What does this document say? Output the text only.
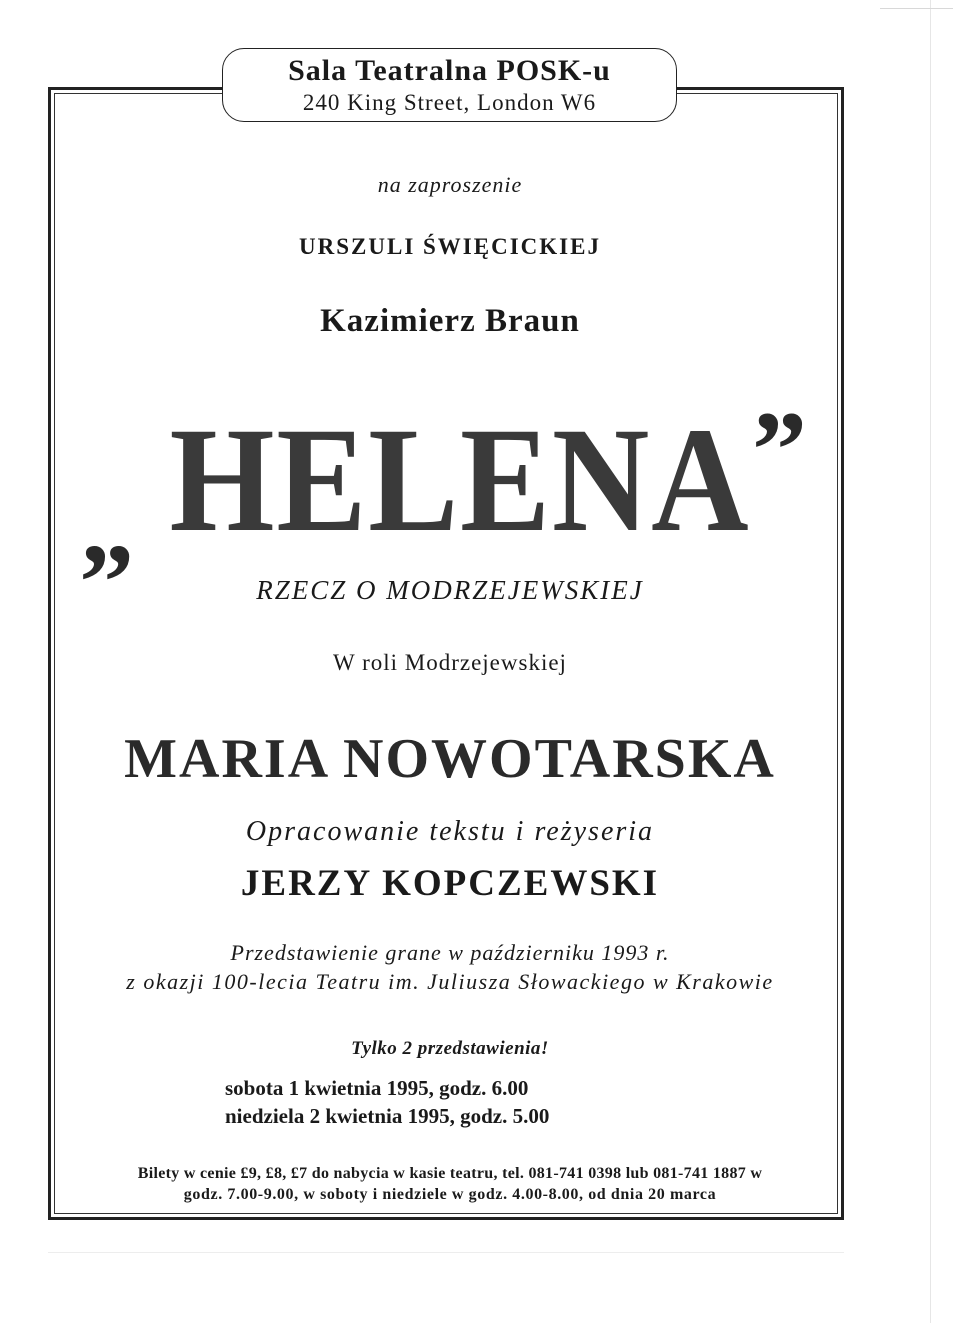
Sala Teatralna POSK-u
240 King Street, London W6
na zaproszenie
URSZULI ŚWIĘCICKIEJ
Kazimierz Braun
HELENA
„
”
RZECZ O MODRZEJEWSKIEJ
W roli Modrzejewskiej
MARIA NOWOTARSKA
Opracowanie tekstu i reżyseria
JERZY KOPCZEWSKI
Przedstawienie grane w październiku 1993 r.
z okazji 100-lecia Teatru im. Juliusza Słowackiego w Krakowie
Tylko 2 przedstawienia!
sobota 1 kwietnia 1995, godz. 6.00
niedziela 2 kwietnia 1995, godz. 5.00
Bilety w cenie £9, £8, £7 do nabycia w kasie teatru, tel. 081-741 0398 lub 081-741 1887 w
godz. 7.00-9.00, w soboty i niedziele w godz. 4.00-8.00, od dnia 20 marca
